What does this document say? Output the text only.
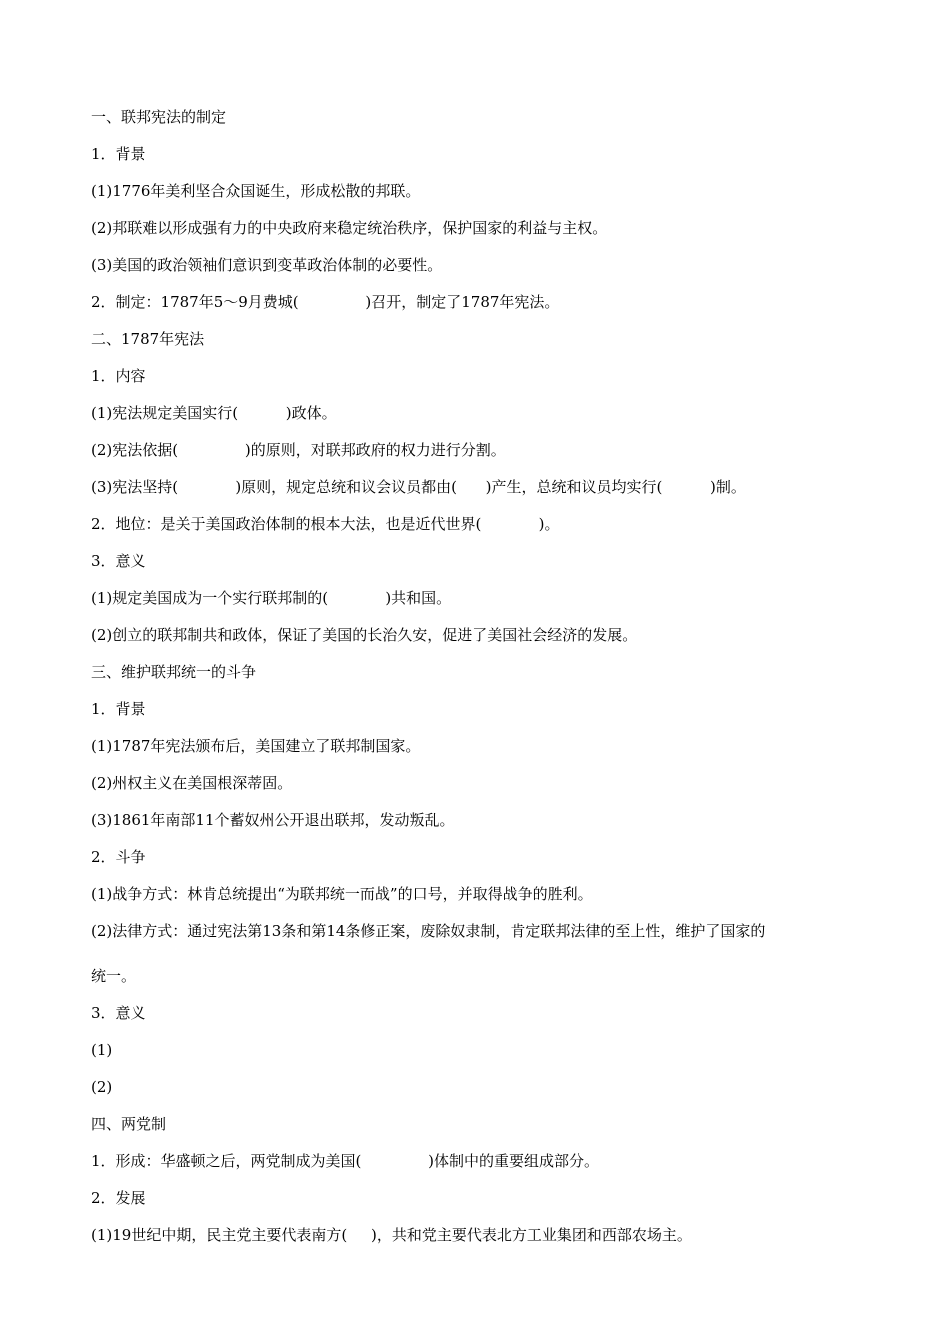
一、联邦宪法的制定
1．背景
(1)1776年美利坚合众国诞生，形成松散的邦联。
(2)邦联难以形成强有力的中央政府来稳定统治秩序，保护国家的利益与主权。
(3)美国的政治领袖们意识到变革政治体制的必要性。
2．制定：1787年5～9月费城(              )召开，制定了1787年宪法。
二、1787年宪法
1．内容
(1)宪法规定美国实行(          )政体。
(2)宪法依据(              )的原则，对联邦政府的权力进行分割。
(3)宪法坚持(            )原则，规定总统和议会议员都由(      )产生，总统和议员均实行(          )制。
2．地位：是关于美国政治体制的根本大法，也是近代世界(            )。
3．意义
(1)规定美国成为一个实行联邦制的(            )共和国。
(2)创立的联邦制共和政体，保证了美国的长治久安，促进了美国社会经济的发展。
三、维护联邦统一的斗争
1．背景
(1)1787年宪法颁布后，美国建立了联邦制国家。
(2)州权主义在美国根深蒂固。
(3)1861年南部11个蓄奴州公开退出联邦，发动叛乱。
2．斗争
(1)战争方式：林肯总统提出“为联邦统一而战”的口号，并取得战争的胜利。
(2)法律方式：通过宪法第13条和第14条修正案，废除奴隶制，肯定联邦法律的至上性，维护了国家的
统一。
3．意义
(1)
(2)
四、两党制
1．形成：华盛顿之后，两党制成为美国(              )体制中的重要组成部分。
2．发展
(1)19世纪中期，民主党主要代表南方(     )，共和党主要代表北方工业集团和西部农场主。
